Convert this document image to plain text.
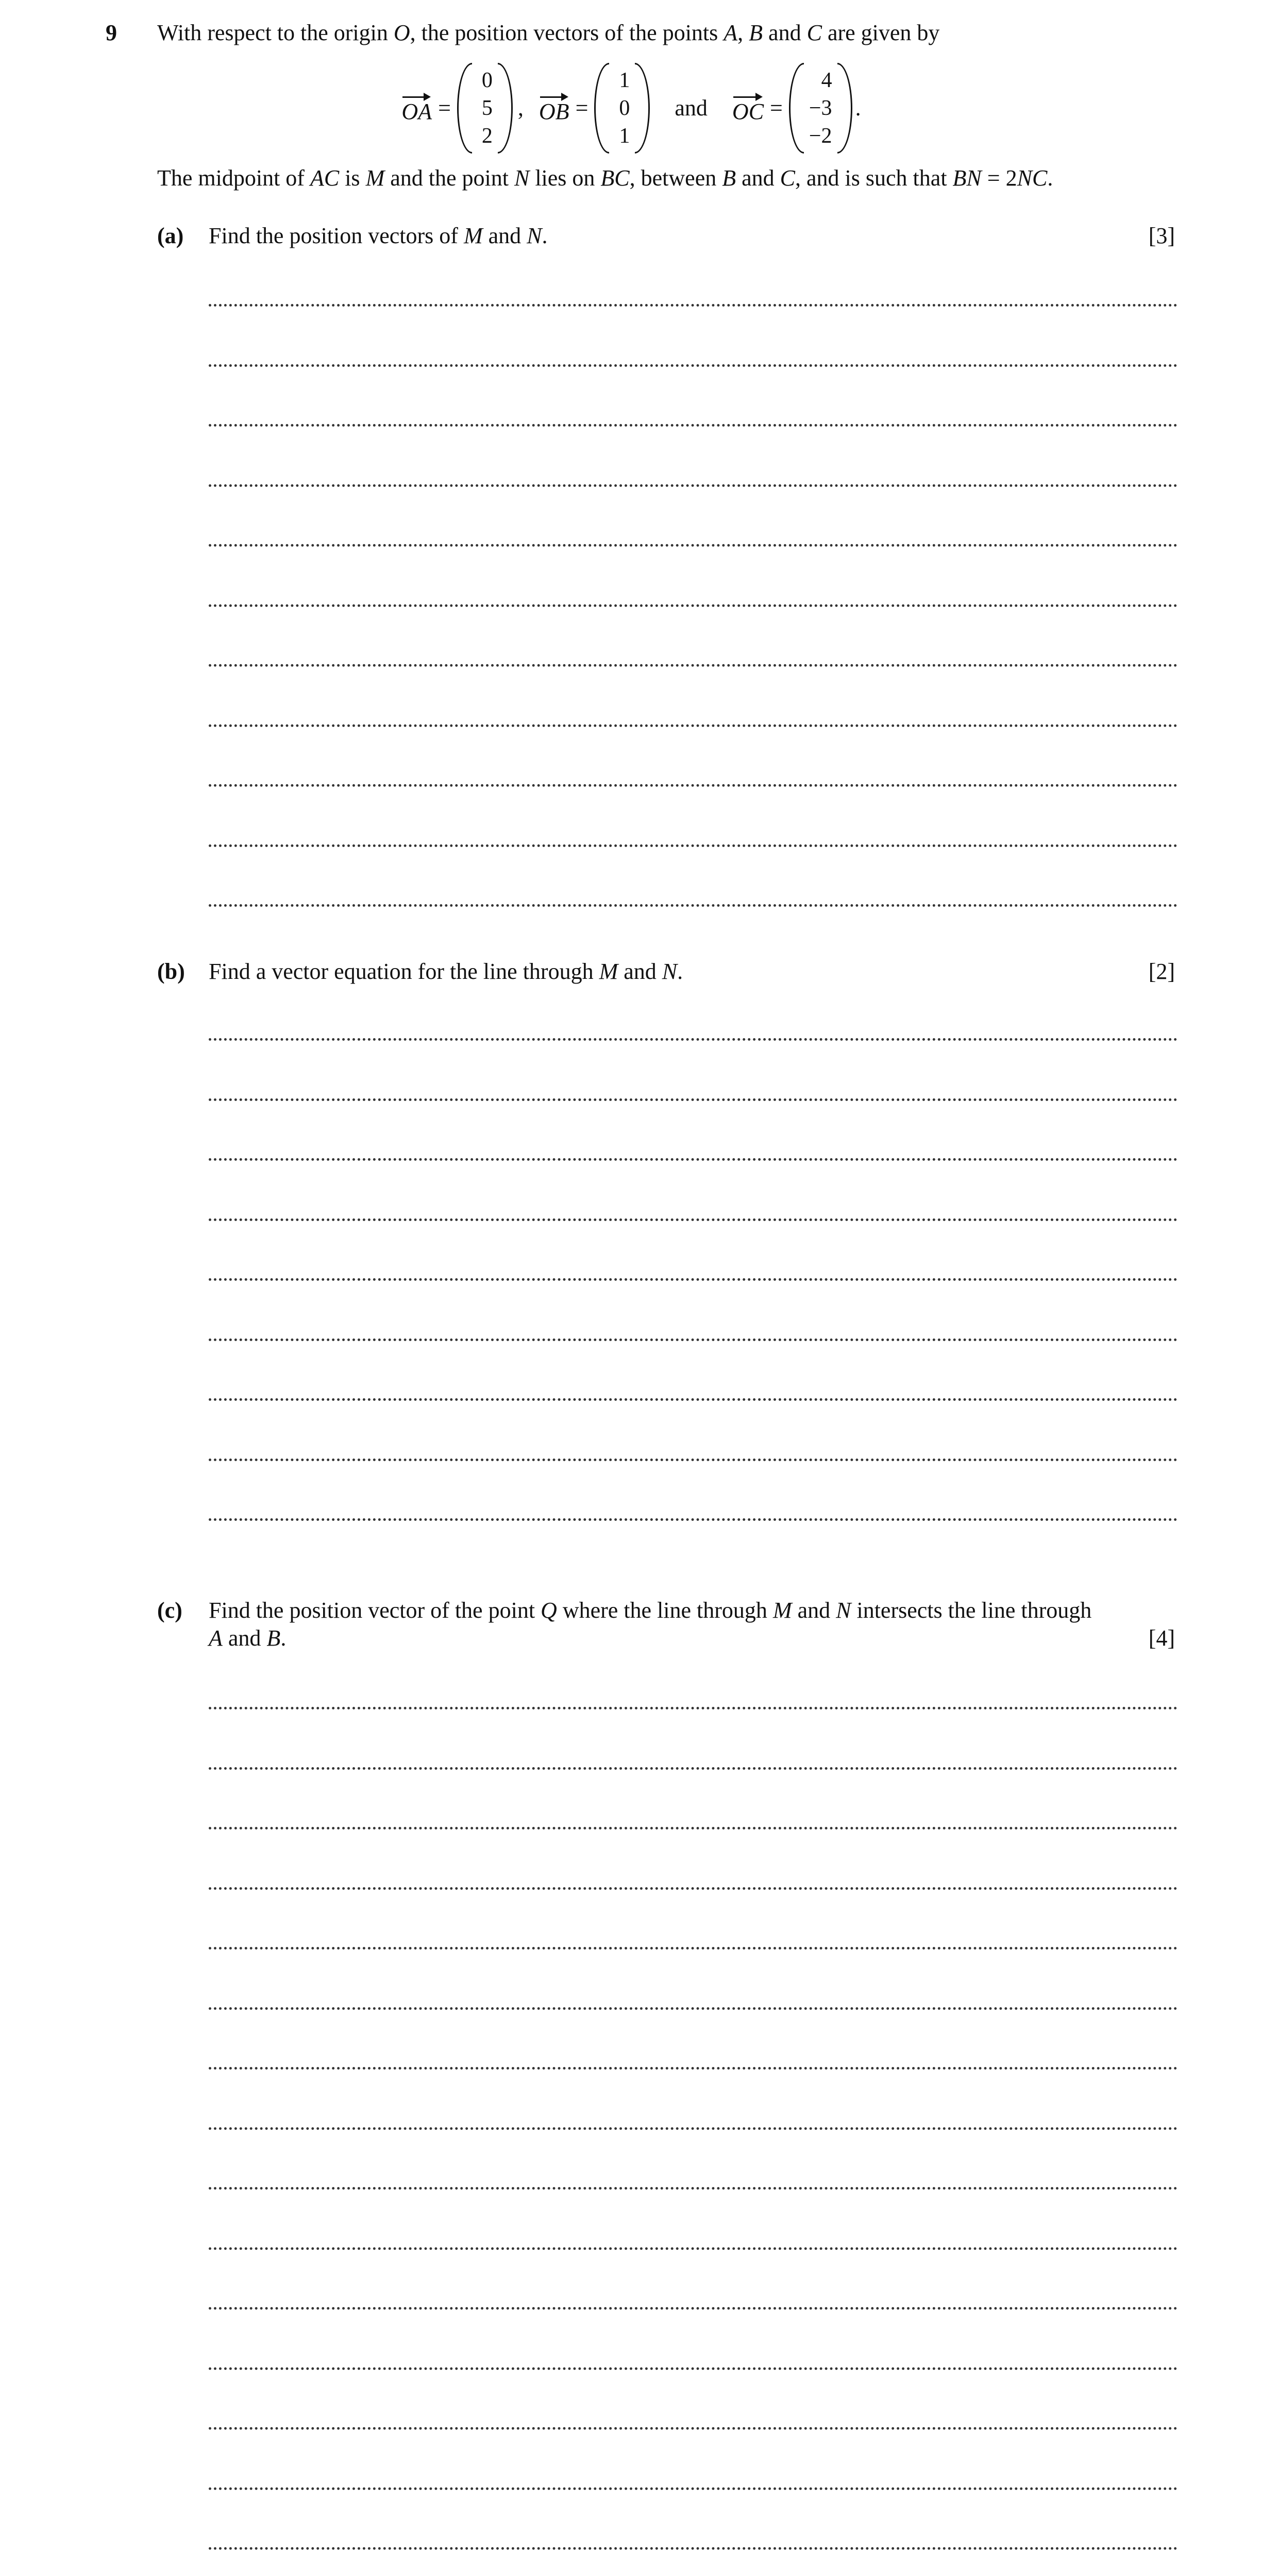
9 With respect to the origin O, the position vectors of the points A, B and C are given by
OA =
0
5
2
, OB =
1
0
1
and OC =
4
−3
−2
.
The midpoint of AC is M and the point N lies on BC, between B and C, and is such that BN = 2NC.
(a) Find the position vectors of M and N.	[3]
(b) Find a vector equation for the line through M and N.	[2]
(c) Find the position vector of the point Q where the line through M and N intersects the line through
A and B.	[4]
